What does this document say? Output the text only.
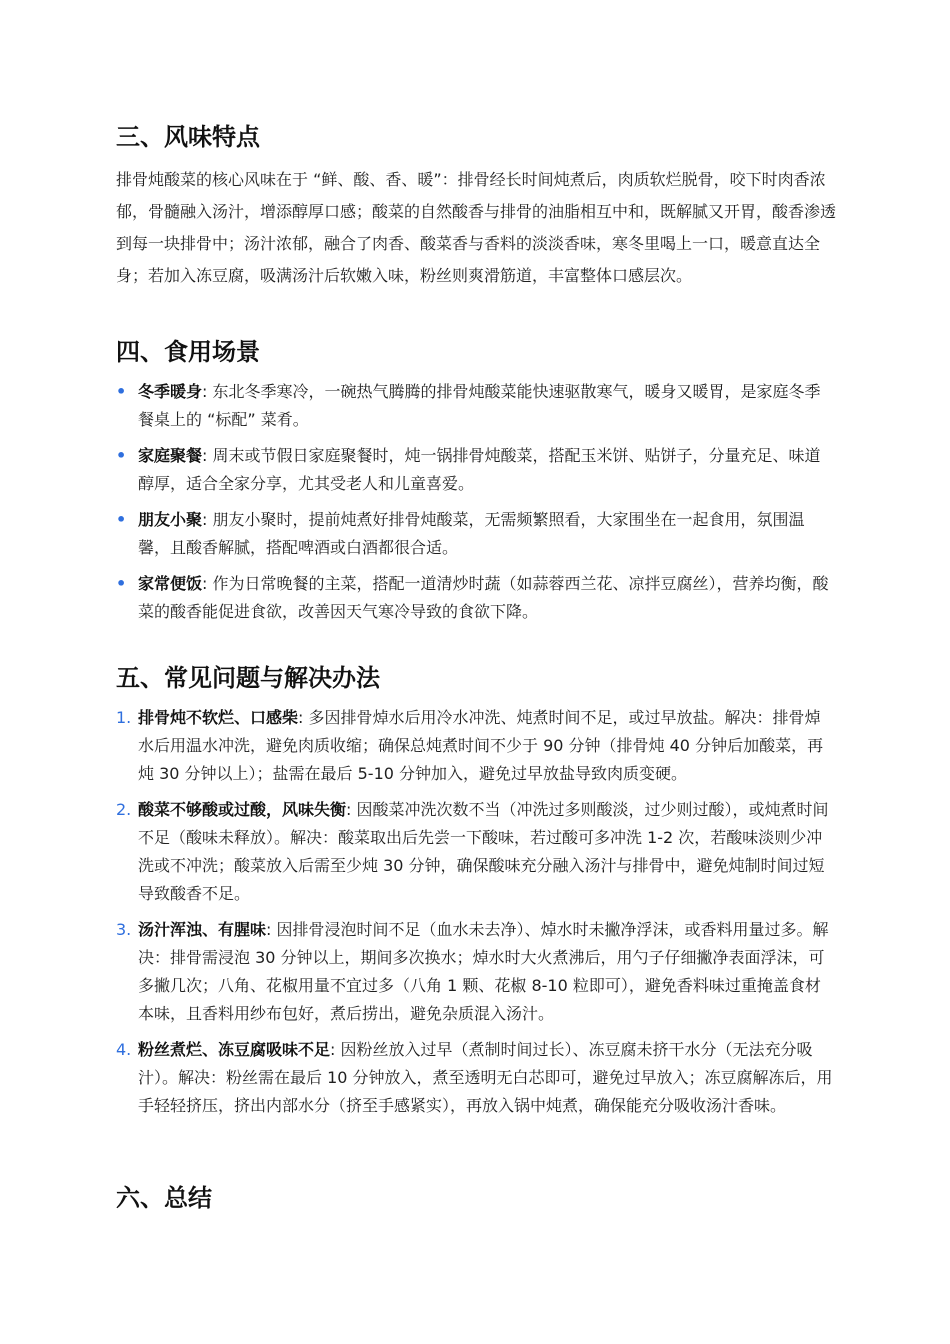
三、风味特点

排骨炖酸菜的核心风味在于 “鲜、酸、香、暖”：排骨经长时间炖煮后，肉质软烂脱骨，咬下时肉香浓郁，骨髓融入汤汁，增添醇厚口感；酸菜的自然酸香与排骨的油脂相互中和，既解腻又开胃，酸香渗透到每一块排骨中；汤汁浓郁，融合了肉香、酸菜香与香料的淡淡香味，寒冬里喝上一口，暖意直达全身；若加入冻豆腐，吸满汤汁后软嫩入味，粉丝则爽滑筋道，丰富整体口感层次。

四、食用场景
• 冬季暖身: 东北冬季寒冷，一碗热气腾腾的排骨炖酸菜能快速驱散寒气，暖身又暖胃，是家庭冬季餐桌上的 “标配” 菜肴。
• 家庭聚餐: 周末或节假日家庭聚餐时，炖一锅排骨炖酸菜，搭配玉米饼、贴饼子，分量充足、味道醇厚，适合全家分享，尤其受老人和儿童喜爱。
• 朋友小聚: 朋友小聚时，提前炖煮好排骨炖酸菜，无需频繁照看，大家围坐在一起食用，氛围温馨，且酸香解腻，搭配啤酒或白酒都很合适。
• 家常便饭: 作为日常晚餐的主菜，搭配一道清炒时蔬（如蒜蓉西兰花、凉拌豆腐丝），营养均衡，酸菜的酸香能促进食欲，改善因天气寒冷导致的食欲下降。
五、常见问题与解决办法
1. 排骨炖不软烂、口感柴: 多因排骨焯水后用冷水冲洗、炖煮时间不足，或过早放盐。解决：排骨焯水后用温水冲洗，避免肉质收缩；确保总炖煮时间不少于 90 分钟（排骨炖 40 分钟后加酸菜，再炖 30 分钟以上）；盐需在最后 5-10 分钟加入，避免过早放盐导致肉质变硬。
2. 酸菜不够酸或过酸，风味失衡: 因酸菜冲洗次数不当（冲洗过多则酸淡，过少则过酸），或炖煮时间不足（酸味未释放）。解决：酸菜取出后先尝一下酸味，若过酸可多冲洗 1-2 次，若酸味淡则少冲洗或不冲洗；酸菜放入后需至少炖 30 分钟，确保酸味充分融入汤汁与排骨中，避免炖制时间过短导致酸香不足。
3. 汤汁浑浊、有腥味: 因排骨浸泡时间不足（血水未去净）、焯水时未撇净浮沫，或香料用量过多。解决：排骨需浸泡 30 分钟以上，期间多次换水；焯水时大火煮沸后，用勺子仔细撇净表面浮沫，可多撇几次；八角、花椒用量不宜过多（八角 1 颗、花椒 8-10 粒即可），避免香料味过重掩盖食材本味，且香料用纱布包好，煮后捞出，避免杂质混入汤汁。
4. 粉丝煮烂、冻豆腐吸味不足: 因粉丝放入过早（煮制时间过长）、冻豆腐未挤干水分（无法充分吸汁）。解决：粉丝需在最后 10 分钟放入，煮至透明无白芯即可，避免过早放入；冻豆腐解冻后，用手轻轻挤压，挤出内部水分（挤至手感紧实），再放入锅中炖煮，确保能充分吸收汤汁香味。
六、总结
